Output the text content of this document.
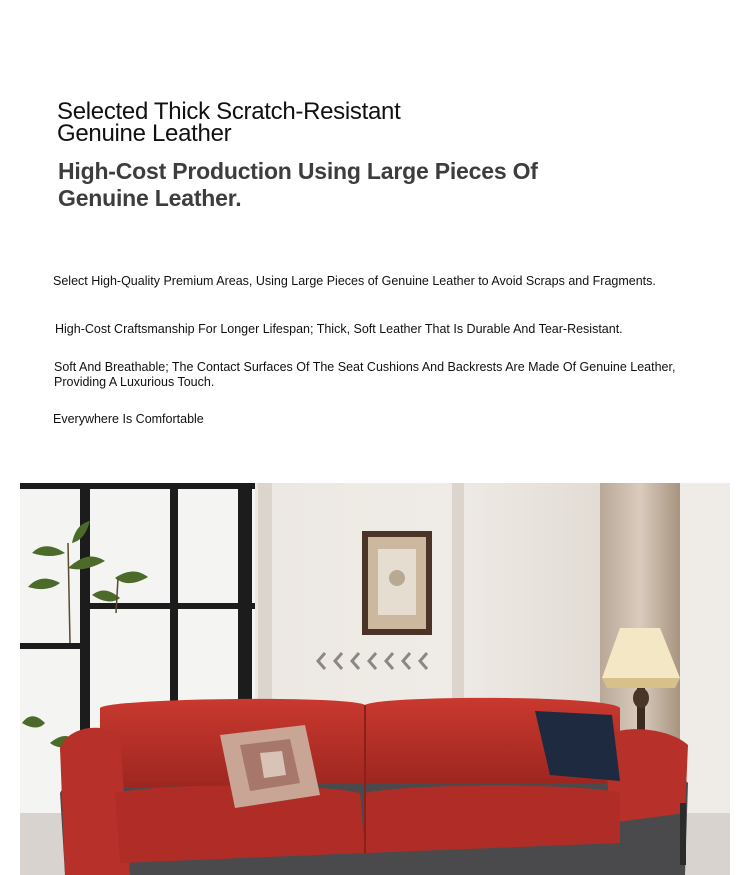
Selected Thick Scratch-Resistant
Genuine Leather
High-Cost Production Using Large Pieces Of
Genuine Leather.

Select High-Quality Premium Areas, Using Large Pieces of Genuine Leather to Avoid Scraps and Fragments.

High-Cost Craftsmanship For Longer Lifespan; Thick, Soft Leather That Is Durable And Tear-Resistant.

Soft And Breathable; The Contact Surfaces Of The Seat Cushions And Backrests Are Made Of Genuine Leather, Providing A Luxurious Touch.

Everywhere Is Comfortable
